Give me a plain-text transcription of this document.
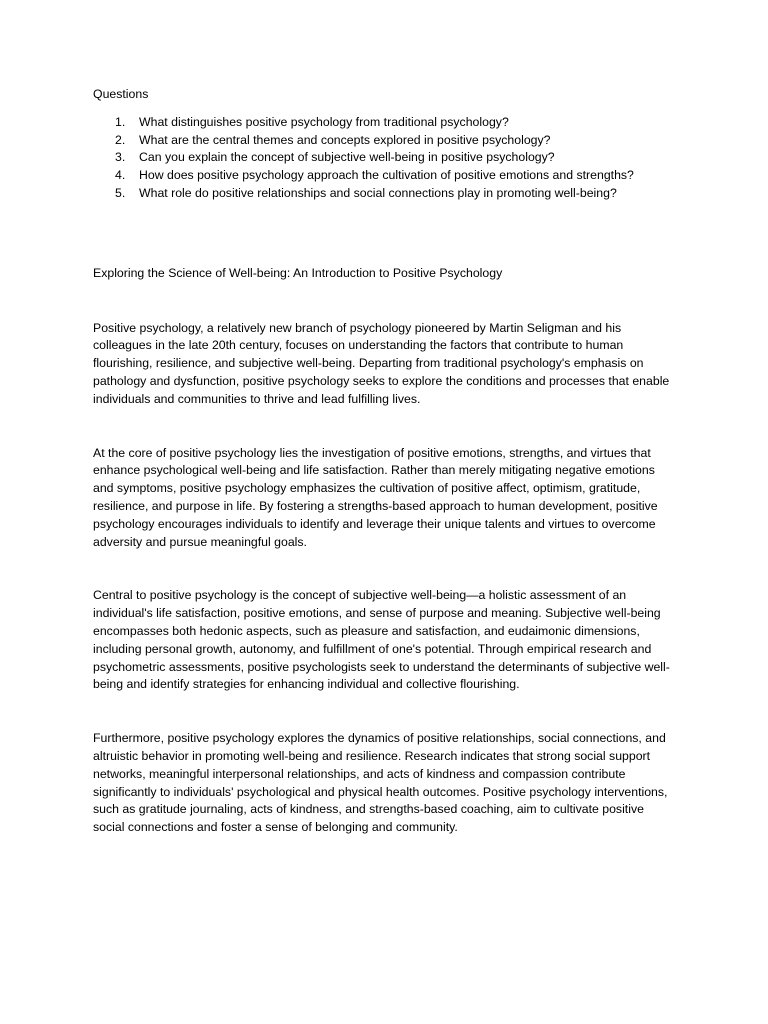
Questions

1.	What distinguishes positive psychology from traditional psychology?
2.	What are the central themes and concepts explored in positive psychology?
3.	Can you explain the concept of subjective well-being in positive psychology?
4.	How does positive psychology approach the cultivation of positive emotions and strengths?
5.	What role do positive relationships and social connections play in promoting well-being?

Exploring the Science of Well-being: An Introduction to Positive Psychology

Positive psychology, a relatively new branch of psychology pioneered by Martin Seligman and his colleagues in the late 20th century, focuses on understanding the factors that contribute to human flourishing, resilience, and subjective well-being. Departing from traditional psychology's emphasis on pathology and dysfunction, positive psychology seeks to explore the conditions and processes that enable individuals and communities to thrive and lead fulfilling lives.

At the core of positive psychology lies the investigation of positive emotions, strengths, and virtues that enhance psychological well-being and life satisfaction. Rather than merely mitigating negative emotions and symptoms, positive psychology emphasizes the cultivation of positive affect, optimism, gratitude, resilience, and purpose in life. By fostering a strengths-based approach to human development, positive psychology encourages individuals to identify and leverage their unique talents and virtues to overcome adversity and pursue meaningful goals.

Central to positive psychology is the concept of subjective well-being—a holistic assessment of an individual's life satisfaction, positive emotions, and sense of purpose and meaning. Subjective well-being encompasses both hedonic aspects, such as pleasure and satisfaction, and eudaimonic dimensions, including personal growth, autonomy, and fulfillment of one's potential. Through empirical research and psychometric assessments, positive psychologists seek to understand the determinants of subjective well-being and identify strategies for enhancing individual and collective flourishing.

Furthermore, positive psychology explores the dynamics of positive relationships, social connections, and altruistic behavior in promoting well-being and resilience. Research indicates that strong social support networks, meaningful interpersonal relationships, and acts of kindness and compassion contribute significantly to individuals' psychological and physical health outcomes. Positive psychology interventions, such as gratitude journaling, acts of kindness, and strengths-based coaching, aim to cultivate positive social connections and foster a sense of belonging and community.
